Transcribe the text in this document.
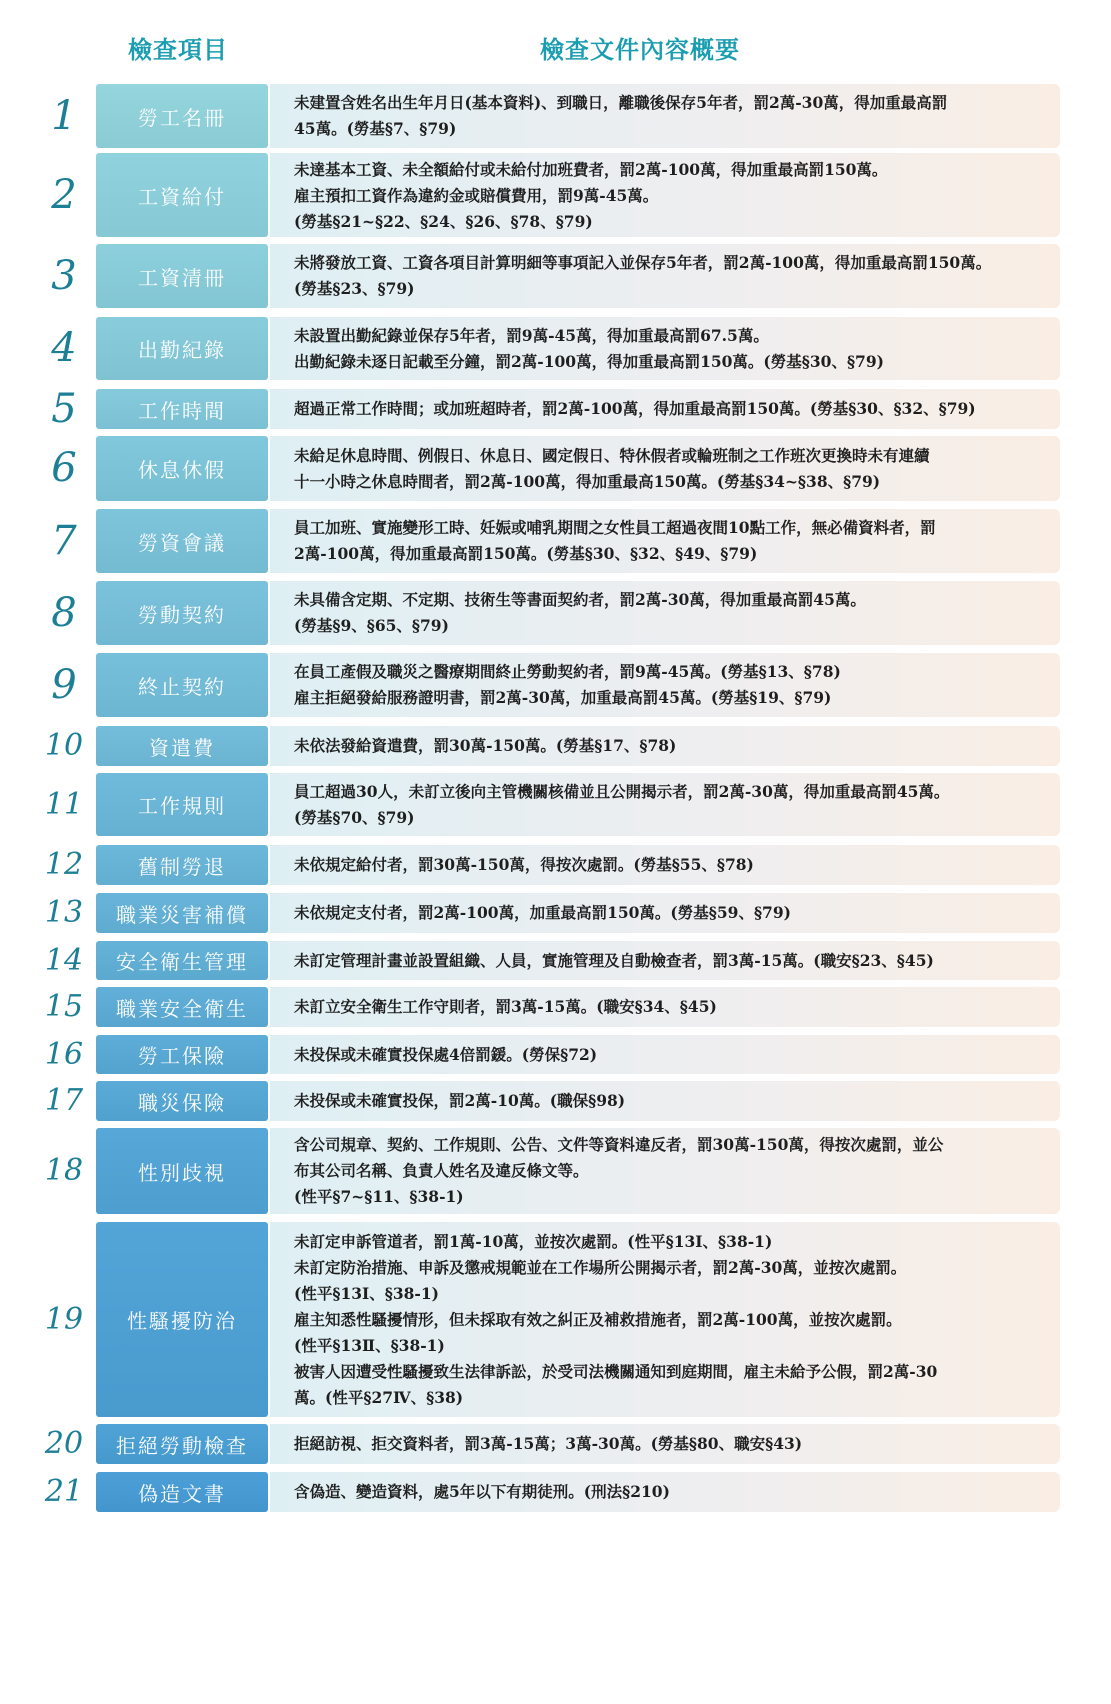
檢查項目	檢查文件內容概要
1	勞工名冊
未建置含姓名出生年月日(基本資料)、到職日，離職後保存5年者，罰2萬-30萬，得加重最高罰
45萬。(勞基§7、§79)
2	工資給付
未達基本工資、未全額給付或未給付加班費者，罰2萬-100萬，得加重最高罰150萬。
雇主預扣工資作為違約金或賠償費用，罰9萬-45萬。
(勞基§21~§22、§24、§26、§78、§79)
3	工資清冊
未將發放工資、工資各項目計算明細等事項記入並保存5年者，罰2萬-100萬，得加重最高罰150萬。
(勞基§23、§79)
4	出勤紀錄
未設置出勤紀錄並保存5年者，罰9萬-45萬，得加重最高罰67.5萬。
出勤紀錄未逐日記載至分鐘，罰2萬-100萬，得加重最高罰150萬。(勞基§30、§79)
5	工作時間	超過正常工作時間；或加班超時者，罰2萬-100萬，得加重最高罰150萬。(勞基§30、§32、§79)
6	休息休假
未給足休息時間、例假日、休息日、國定假日、特休假者或輪班制之工作班次更換時未有連續
十一小時之休息時間者，罰2萬-100萬，得加重最高150萬。(勞基§34~§38、§79)
7	勞資會議
員工加班、實施變形工時、妊娠或哺乳期間之女性員工超過夜間10點工作，無必備資料者，罰
2萬-100萬，得加重最高罰150萬。(勞基§30、§32、§49、§79)
8	勞動契約
未具備含定期、不定期、技術生等書面契約者，罰2萬-30萬，得加重最高罰45萬。
(勞基§9、§65、§79)
9	終止契約
在員工產假及職災之醫療期間終止勞動契約者，罰9萬-45萬。(勞基§13、§78)
雇主拒絕發給服務證明書，罰2萬-30萬，加重最高罰45萬。(勞基§19、§79)
10	資遣費	未依法發給資遣費，罰30萬-150萬。(勞基§17、§78)
11	工作規則
員工超過30人，未訂立後向主管機關核備並且公開揭示者，罰2萬-30萬，得加重最高罰45萬。
(勞基§70、§79)
12	舊制勞退	未依規定給付者，罰30萬-150萬，得按次處罰。(勞基§55、§78)
13	職業災害補償	未依規定支付者，罰2萬-100萬，加重最高罰150萬。(勞基§59、§79)
14	安全衛生管理	未訂定管理計畫並設置組織、人員，實施管理及自動檢查者，罰3萬-15萬。(職安§23、§45)
15	職業安全衛生	未訂立安全衛生工作守則者，罰3萬-15萬。(職安§34、§45)
16	勞工保險	未投保或未確實投保處4倍罰鍰。(勞保§72)
17	職災保險	未投保或未確實投保，罰2萬-10萬。(職保§98)
18	性別歧視
含公司規章、契約、工作規則、公告、文件等資料違反者，罰30萬-150萬，得按次處罰，並公
布其公司名稱、負責人姓名及違反條文等。
(性平§7~§11、§38-1)
19	性騷擾防治
未訂定申訴管道者，罰1萬-10萬，並按次處罰。(性平§13Ⅰ、§38-1)
未訂定防治措施、申訴及懲戒規範並在工作場所公開揭示者，罰2萬-30萬，並按次處罰。
(性平§13Ⅰ、§38-1)
雇主知悉性騷擾情形，但未採取有效之糾正及補救措施者，罰2萬-100萬，並按次處罰。
(性平§13Ⅱ、§38-1)
被害人因遭受性騷擾致生法律訴訟，於受司法機關通知到庭期間，雇主未給予公假，罰2萬-30
萬。(性平§27Ⅳ、§38)
20	拒絕勞動檢查	拒絕訪視、拒交資料者，罰3萬-15萬；3萬-30萬。(勞基§80、職安§43)
21	偽造文書	含偽造、變造資料，處5年以下有期徒刑。(刑法§210)
